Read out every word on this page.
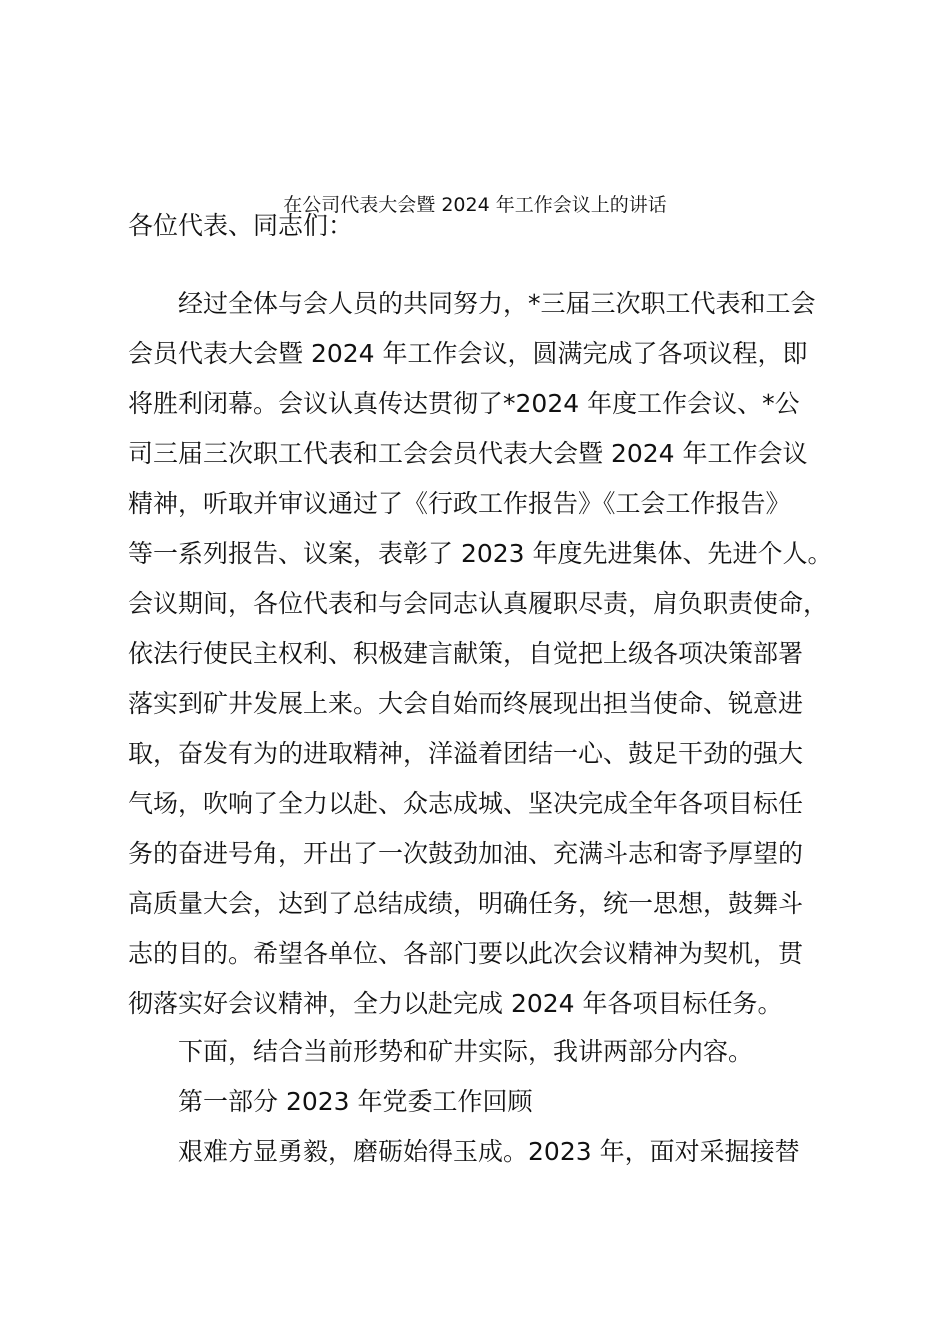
在公司代表大会暨 2024 年工作会议上的讲话
各位代表、同志们：
经过全体与会人员的共同努力，*三届三次职工代表和工会
会员代表大会暨 2024 年工作会议，圆满完成了各项议程，即
将胜利闭幕。会议认真传达贯彻了*2024 年度工作会议、*公
司三届三次职工代表和工会会员代表大会暨 2024 年工作会议
精神，听取并审议通过了《行政工作报告》《工会工作报告》
等一系列报告、议案，表彰了 2023 年度先进集体、先进个人。
会议期间，各位代表和与会同志认真履职尽责，肩负职责使命，
依法行使民主权利、积极建言献策，自觉把上级各项决策部署
落实到矿井发展上来。大会自始而终展现出担当使命、锐意进
取，奋发有为的进取精神，洋溢着团结一心、鼓足干劲的强大
气场，吹响了全力以赴、众志成城、坚决完成全年各项目标任
务的奋进号角，开出了一次鼓劲加油、充满斗志和寄予厚望的
高质量大会，达到了总结成绩，明确任务，统一思想，鼓舞斗
志的目的。希望各单位、各部门要以此次会议精神为契机，贯
彻落实好会议精神，全力以赴完成 2024 年各项目标任务。
下面，结合当前形势和矿井实际，我讲两部分内容。
第一部分 2023 年党委工作回顾
艰难方显勇毅，磨砺始得玉成。2023 年，面对采掘接替
